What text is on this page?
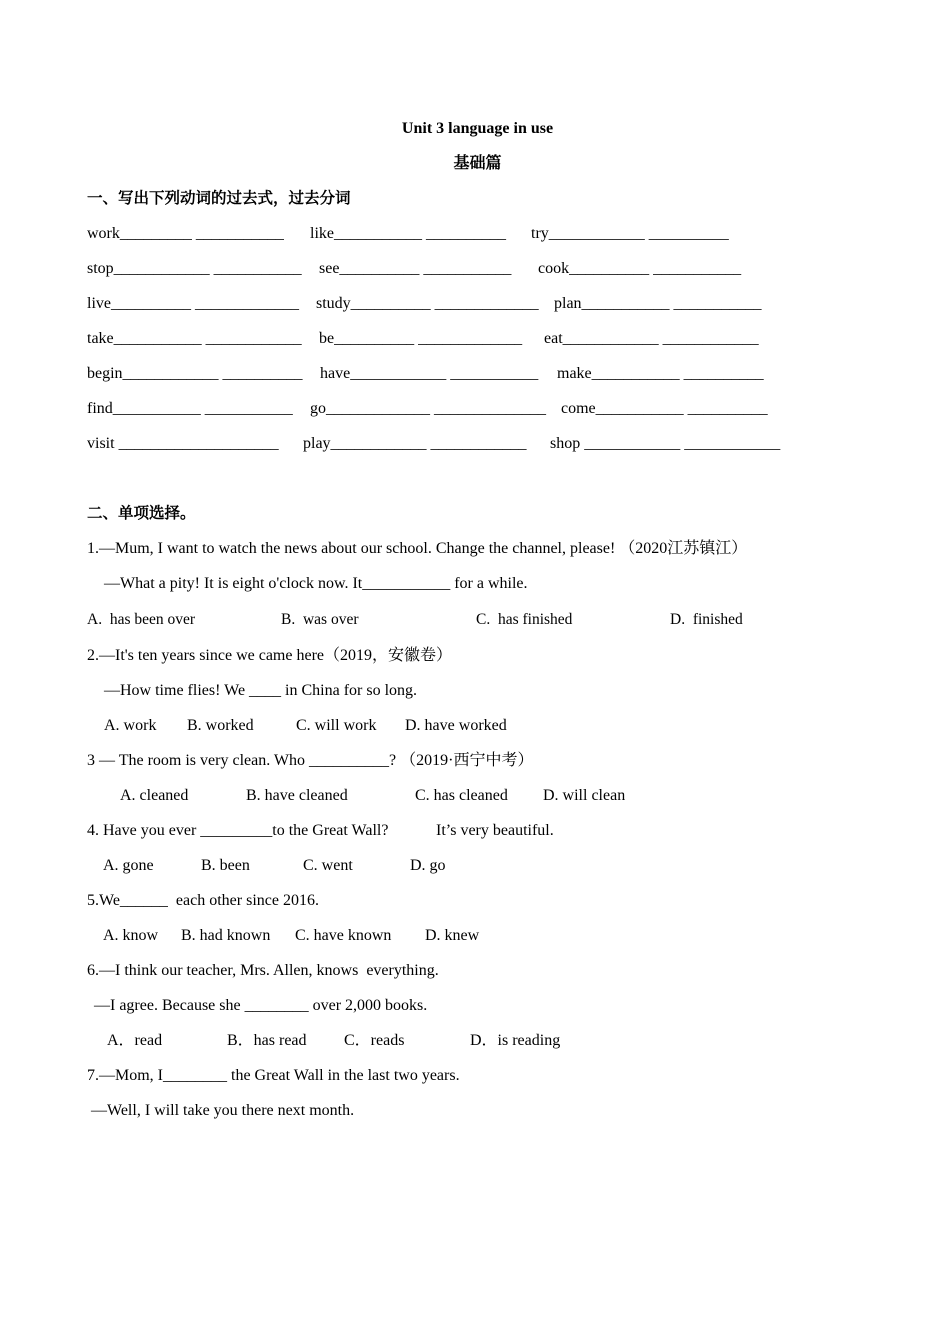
Unit 3 language in use
基础篇
一、写出下列动词的过去式，过去分词
work_________ ___________ like___________ __________ try____________ __________
stop____________ ___________ see__________ ___________ cook__________ ___________
live__________ _____________ study__________ _____________ plan___________ ___________
take___________ ____________ be__________ _____________ eat____________ ____________
begin____________ __________ have____________ ___________ make___________ __________
find___________ ___________ go_____________ ______________ come___________ __________
visit ____________________ play____________ ____________ shop ____________ ____________
二、单项选择。
1.—Mum, I want to watch the news about our school. Change the channel, please! （2020江苏镇江）
—What a pity! It is eight o'clock now. It___________ for a while.
A.  has been over	B.  was over	C.  has finished	D.  finished
2.—It's ten years since we came here（2019，安徽卷）
—How time flies! We ____ in China for so long.
A. work B. worked	C. will work D. have worked
3 — The room is very clean. Who __________? （2019·西宁中考）
A. cleaned	B. have cleaned	C. has cleaned D. will clean
4. Have you ever _________to the Great Wall?	It’s very beautiful.
A. gone	B. been	C. went	D. go
5.We______  each other since 2016.
A. know B. had known C. have known D. knew
6.—I think our teacher, Mrs. Allen, knows  everything.
—I agree. Because she ________ over 2,000 books.
A．read	B．has read C．reads	D．is reading
7.—Mom, I________ the Great Wall in the last two years.
—Well, I will take you there next month.
